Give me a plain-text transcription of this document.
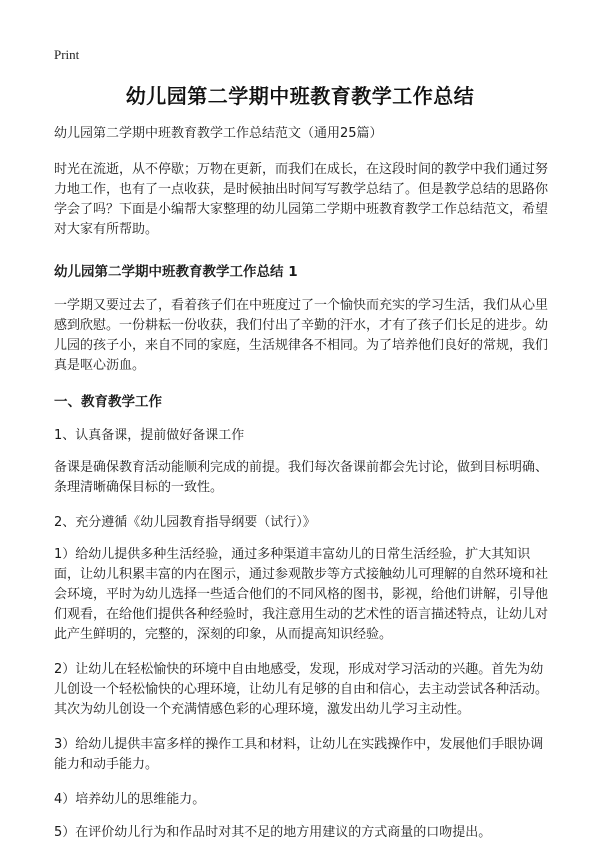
Print
幼儿园第二学期中班教育教学工作总结

幼儿园第二学期中班教育教学工作总结范文（通用25篇）

时光在流逝，从不停歇；万物在更新，而我们在成长，在这段时间的教学中我们通过努力地工作，也有了一点收获，是时候抽出时间写写教学总结了。但是教学总结的思路你学会了吗？下面是小编帮大家整理的幼儿园第二学期中班教育教学工作总结范文，希望对大家有所帮助。

幼儿园第二学期中班教育教学工作总结 1

一学期又要过去了，看着孩子们在中班度过了一个愉快而充实的学习生活，我们从心里感到欣慰。一份耕耘一份收获，我们付出了辛勤的汗水，才有了孩子们长足的进步。幼儿园的孩子小，来自不同的家庭，生活规律各不相同。为了培养他们良好的常规，我们真是呕心沥血。

一、教育教学工作

1、认真备课，提前做好备课工作

备课是确保教育活动能顺利完成的前提。我们每次备课前都会先讨论，做到目标明确、条理清晰确保目标的一致性。

2、充分遵循《幼儿园教育指导纲要（试行）》

1）给幼儿提供多种生活经验，通过多种渠道丰富幼儿的日常生活经验，扩大其知识面，让幼儿积累丰富的内在图示，通过参观散步等方式接触幼儿可理解的自然环境和社会环境，平时为幼儿选择一些适合他们的不同风格的图书，影视，给他们讲解，引导他们观看，在给他们提供各种经验时，我注意用生动的艺术性的语言描述特点，让幼儿对此产生鲜明的，完整的，深刻的印象，从而提高知识经验。

2）让幼儿在轻松愉快的环境中自由地感受，发现，形成对学习活动的兴趣。首先为幼儿创设一个轻松愉快的心理环境，让幼儿有足够的自由和信心，去主动尝试各种活动。其次为幼儿创设一个充满情感色彩的心理环境，激发出幼儿学习主动性。

3）给幼儿提供丰富多样的操作工具和材料，让幼儿在实践操作中，发展他们手眼协调能力和动手能力。

4）培养幼儿的思维能力。

5）在评价幼儿行为和作品时对其不足的地方用建议的方式商量的口吻提出。
